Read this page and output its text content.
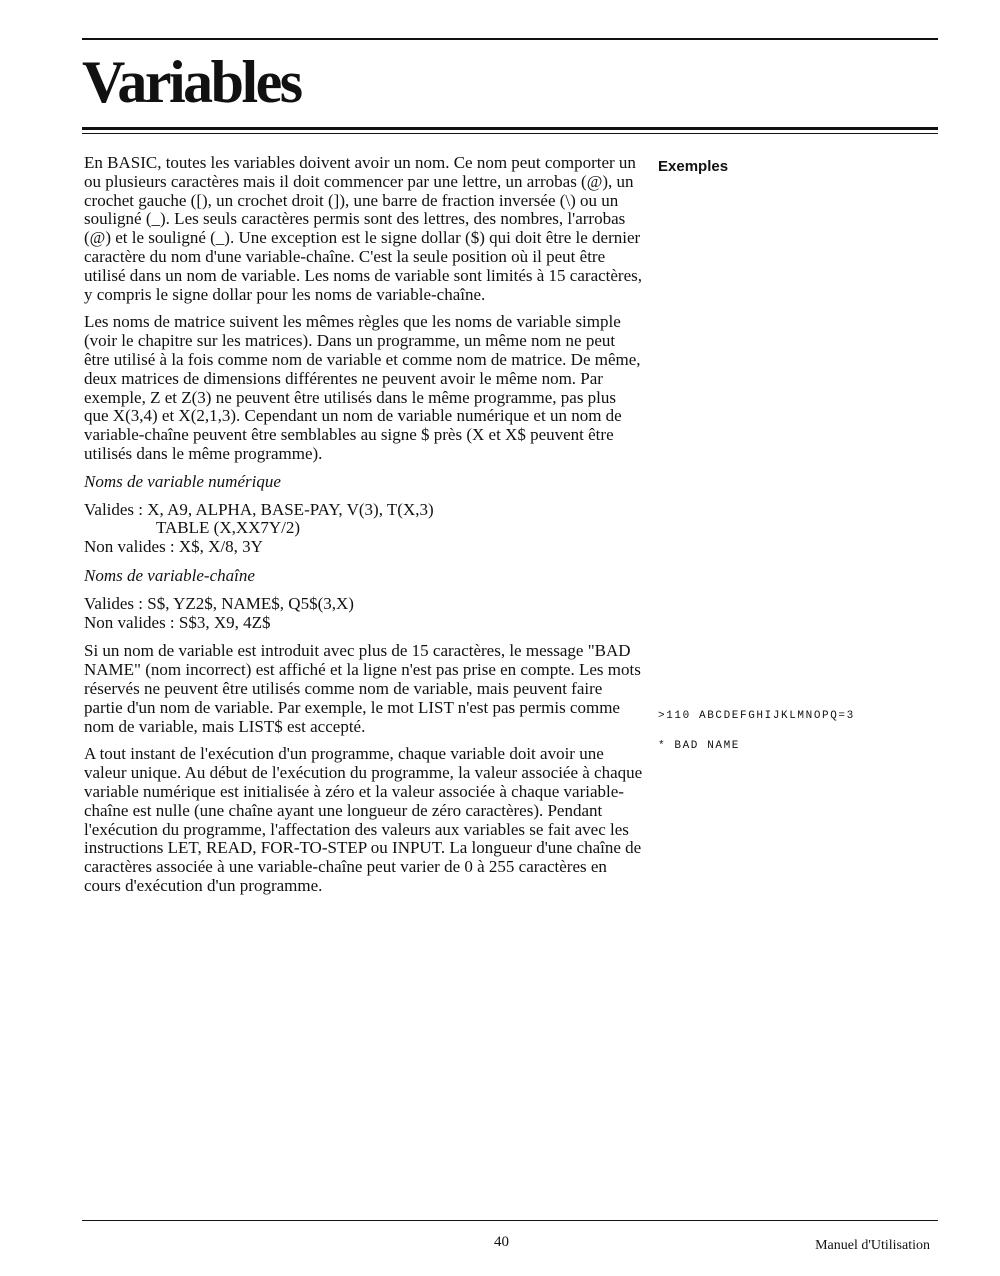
Variables

En BASIC, toutes les variables doivent avoir un nom. Ce nom peut comporter un ou plusieurs caractères mais il doit commencer par une lettre, un arrobas (@), un crochet gauche ([), un crochet droit (]), une barre de fraction inversée (\) ou un souligné (_). Les seuls caractères permis sont des lettres, des nombres, l'arrobas (@) et le souligné (_). Une exception est le signe dollar ($) qui doit être le dernier caractère du nom d'une variable-chaîne. C'est la seule position où il peut être utilisé dans un nom de variable. Les noms de variable sont limités à 15 caractères, y compris le signe dollar pour les noms de variable-chaîne.

Les noms de matrice suivent les mêmes règles que les noms de variable simple (voir le chapitre sur les matrices). Dans un programme, un même nom ne peut être utilisé à la fois comme nom de variable et comme nom de matrice. De même, deux matrices de dimensions différentes ne peuvent avoir le même nom. Par exemple, Z et Z(3) ne peuvent être utilisés dans le même programme, pas plus que X(3,4) et X(2,1,3). Cependant un nom de variable numérique et un nom de variable-chaîne peuvent être semblables au signe $ près (X et X$ peuvent être utilisés dans le même programme).

Noms de variable numérique

Valides : X, A9, ALPHA, BASE-PAY, V(3), T(X,3)
TABLE (X,XX7Y/2)
Non valides : X$, X/8, 3Y

Noms de variable-chaîne

Valides : S$, YZ2$, NAME$, Q5$(3,X)
Non valides : S$3, X9, 4Z$

Si un nom de variable est introduit avec plus de 15 caractères, le message "BAD NAME" (nom incorrect) est affiché et la ligne n'est pas prise en compte. Les mots réservés ne peuvent être utilisés comme nom de variable, mais peuvent faire partie d'un nom de variable. Par exemple, le mot LIST n'est pas permis comme nom de variable, mais LIST$ est accepté.

A tout instant de l'exécution d'un programme, chaque variable doit avoir une valeur unique. Au début de l'exécution du programme, la valeur associée à chaque variable numérique est initialisée à zéro et la valeur associée à chaque variable-chaîne est nulle (une chaîne ayant une longueur de zéro caractères). Pendant l'exécution du programme, l'affectation des valeurs aux variables se fait avec les instructions LET, READ, FOR-TO-STEP ou INPUT. La longueur d'une chaîne de caractères associée à une variable-chaîne peut varier de 0 à 255 caractères en cours d'exécution d'un programme.

Exemples
>110 ABCDEFGHIJKLMNOPQ=3
* BAD NAME
40	Manuel d'Utilisation
